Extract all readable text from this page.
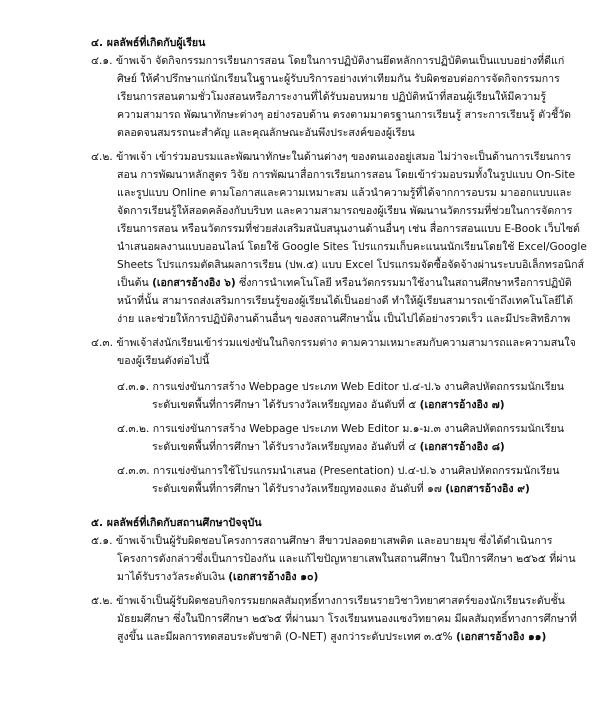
๔. ผลลัพธ์ที่เกิดกับผู้เรียน
๔.๑. ข้าพเจ้า จัดกิจกรรมการเรียนการสอน โดยในการปฏิบัติงานยึดหลักการปฏิบัติตนเป็นแบบอย่างที่ดีแก่
ศิษย์ ให้คำปรึกษาแก่นักเรียนในฐานะผู้รับบริการอย่างเท่าเทียมกัน รับผิดชอบต่อการจัดกิจกรรมการ
เรียนการสอนตามชั่วโมงสอนหรือภาระงานที่ได้รับมอบหมาย ปฏิบัติหน้าที่สอนผู้เรียนให้มีความรู้
ความสามารถ พัฒนาทักษะต่างๆ อย่างรอบด้าน ตรงตามมาตรฐานการเรียนรู้ สาระการเรียนรู้ ตัวชี้วัด
ตลอดจนสมรรถนะสำคัญ และคุณลักษณะอันพึงประสงค์ของผู้เรียน
๔.๒. ข้าพเจ้า เข้าร่วมอบรมและพัฒนาทักษะในด้านต่างๆ ของตนเองอยู่เสมอ ไม่ว่าจะเป็นด้านการเรียนการ
สอน การพัฒนาหลักสูตร วิจัย การพัฒนาสื่อการเรียนการสอน โดยเข้าร่วมอบรมทั้งในรูปแบบ On-Site
และรูปแบบ Online ตามโอกาสและความเหมาะสม แล้วนำความรู้ที่ได้จากการอบรม มาออกแบบและ
จัดการเรียนรู้ให้สอดคล้องกับบริบท และความสามารถของผู้เรียน พัฒนานวัตกรรมที่ช่วยในการจัดการ
เรียนการสอน หรือนวัตกรรมที่ช่วยส่งเสริมสนับสนุนงานด้านอื่นๆ เช่น สื่อการสอนแบบ E-Book เว็บไซต์
นำเสนอผลงานแบบออนไลน์ โดยใช้ Google Sites โปรแกรมเก็บคะแนนนักเรียนโดยใช้ Excel/Google
Sheets โปรแกรมตัดสินผลการเรียน (ปพ.๕) แบบ Excel โปรแกรมจัดซื้อจัดจ้างผ่านระบบอิเล็กทรอนิกส์
เป็นต้น (เอกสารอ้างอิง ๖) ซึ่งการนำเทคโนโลยี หรือนวัตกรรมมาใช้งานในสถานศึกษาหรือการปฏิบัติ
หน้าที่นั้น สามารถส่งเสริมการเรียนรู้ของผู้เรียนได้เป็นอย่างดี ทำให้ผู้เรียนสามารถเข้าถึงเทคโนโลยีได้
ง่าย และช่วยให้การปฏิบัติงานด้านอื่นๆ ของสถานศึกษานั้น เป็นไปได้อย่างรวดเร็ว และมีประสิทธิภาพ
๔.๓. ข้าพเจ้าส่งนักเรียนเข้าร่วมแข่งขันในกิจกรรมต่าง ตามความเหมาะสมกับความสามารถและความสนใจ
ของผู้เรียนดังต่อไปนี้
๔.๓.๑. การแข่งขันการสร้าง Webpage ประเภท Web Editor ป.๔-ป.๖ งานศิลปหัตถกรรมนักเรียน
ระดับเขตพื้นที่การศึกษา ได้รับรางวัลเหรียญทอง อันดับที่ ๕ (เอกสารอ้างอิง ๗)
๔.๓.๒. การแข่งขันการสร้าง Webpage ประเภท Web Editor ม.๑-ม.๓ งานศิลปหัตถกรรมนักเรียน
ระดับเขตพื้นที่การศึกษา ได้รับรางวัลเหรียญทอง อันดับที่ ๔ (เอกสารอ้างอิง ๘)
๔.๓.๓. การแข่งขันการใช้โปรแกรมนำเสนอ (Presentation) ป.๔-ป.๖ งานศิลปหัตถกรรมนักเรียน
ระดับเขตพื้นที่การศึกษา ได้รับรางวัลเหรียญทองแดง อันดับที่ ๑๗ (เอกสารอ้างอิง ๙)
๕. ผลลัพธ์ที่เกิดกับสถานศึกษาปัจจุบัน
๕.๑. ข้าพเจ้าเป็นผู้รับผิดชอบโครงการสถานศึกษา สีขาวปลอดยาเสพติด และอบายมุข ซึ่งได้ดำเนินการ
โครงการดังกล่าวซึ่งเป็นการป้องกัน และแก้ไขปัญหายาเสพในสถานศึกษา ในปีการศึกษา ๒๕๖๕ ที่ผ่าน
มาได้รับรางวัลระดับเงิน (เอกสารอ้างอิง ๑๐)
๕.๒. ข้าพเจ้าเป็นผู้รับผิดชอบกิจกรรมยกผลสัมฤทธิ์ทางการเรียนรายวิชาวิทยาศาสตร์ของนักเรียนระดับชั้น
มัธยมศึกษา ซึ่งในปีการศึกษา ๒๕๖๕ ที่ผ่านมา โรงเรียนหนองแซงวิทยาคม มีผลสัมฤทธิ์ทางการศึกษาที่
สูงขึ้น และมีผลการทดสอบระดับชาติ (O-NET) สูงกว่าระดับประเทศ ๓.๕% (เอกสารอ้างอิง ๑๑)
